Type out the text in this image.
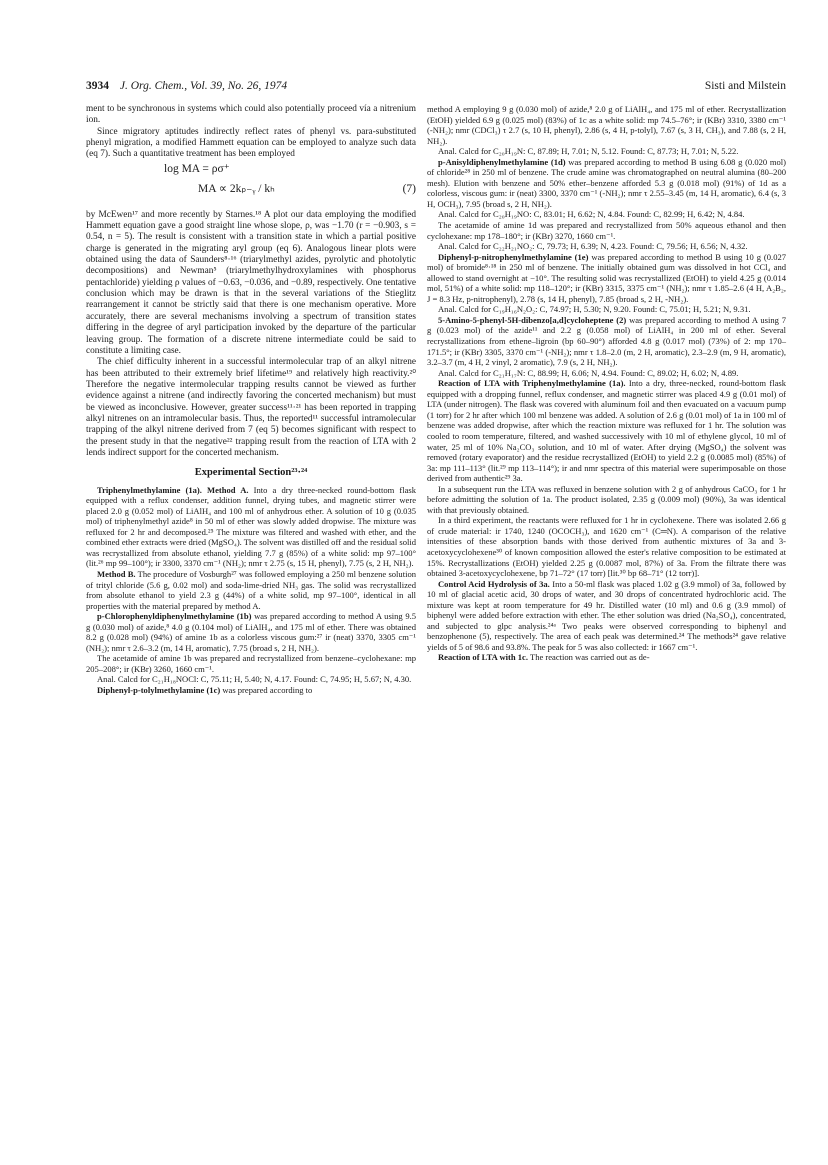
3934 J. Org. Chem., Vol. 39, No. 26, 1974	Sisti and Milstein

ment to be synchronous in systems which could also potentially proceed vía a nitrenium ion.

Since migratory aptitudes indirectly reflect rates of phenyl vs. para-substituted phenyl migration, a modified Hammett equation can be employed to analyze such data (eq 7). Such a quantitative treatment has been employed

log MA = ρσ⁺
MA ∝ 2kₚ₋ᵧ / kₕ	(7)

by McEwen¹⁷ and more recently by Starnes.¹⁸ A plot our data employing the modified Hammett equation gave a good straight line whose slope, ρ, was −1.70 (r = −0.903, s = 0.54, n = 5). The result is consistent with a transition state in which a partial positive charge is generated in the migrating aryl group (eq 6). Analogous linear plots were obtained using the data of Saunders⁸·¹⁶ (triarylmethyl azides, pyrolytic and photolytic decompositions) and Newman⁵ (triarylmethylhydroxylamines with phosphorus pentachloride) yielding ρ values of −0.63, −0.036, and −0.89, respectively. One tentative conclusion which may be drawn is that in the several variations of the Stieglitz rearrangement it cannot be strictly said that there is one mechanism operative. More accurately, there are several mechanisms involving a spectrum of transition states differing in the degree of aryl participation invoked by the departure of the particular leaving group. The formation of a discrete nitrene intermediate could be said to constitute a limiting case.

The chief difficulty inherent in a successful intermolecular trap of an alkyl nitrene has been attributed to their extremely brief lifetime¹⁹ and relatively high reactivity.²⁰ Therefore the negative intermolecular trapping results cannot be viewed as further evidence against a nitrene (and indirectly favoring the concerted mechanism) but must be viewed as inconclusive. However, greater success¹¹·²¹ has been reported in trapping alkyl nitrenes on an intramolecular basis. Thus, the reported¹¹ successful intramolecular trapping of the alkyl nitrene derived from 7 (eq 5) becomes significant with respect to the present study in that the negative²² trapping result from the reaction of LTA with 2 lends indirect support for the concerted mechanism.

Experimental Section²³·²⁴

Triphenylmethylamine (1a). Method A. Into a dry three-necked round-bottom flask equipped with a reflux condenser, addition funnel, drying tubes, and magnetic stirrer were placed 2.0 g (0.052 mol) of LiAlH₄ and 100 ml of anhydrous ether. A solution of 10 g (0.035 mol) of triphenylmethyl azide⁸ in 50 ml of ether was slowly added dropwise. The mixture was refluxed for 2 hr and decomposed.²⁵ The mixture was filtered and washed with ether, and the combined ether extracts were dried (MgSO₄). The solvent was distilled off and the residual solid was recrystallized from absolute ethanol, yielding 7.7 g (85%) of a white solid: mp 97–100° (lit.²⁶ mp 99–100°); ir 3300, 3370 cm⁻¹ (NH₂); nmr τ 2.75 (s, 15 H, phenyl), 7.75 (s, 2 H, NH₂).

Method B. The procedure of Vosburgh²⁷ was followed employing a 250 ml benzene solution of trityl chloride (5.6 g, 0.02 mol) and soda-lime-dried NH₃ gas. The solid was recrystallized from absolute ethanol to yield 2.3 g (44%) of a white solid, mp 97–100°, identical in all properties with the material prepared by method A.

p-Chlorophenyldiphenylmethylamine (1b) was prepared according to method A using 9.5 g (0.030 mol) of azide,⁸ 4.0 g (0.104 mol) of LiAlH₄, and 175 ml of ether. There was obtained 8.2 g (0.028 mol) (94%) of amine 1b as a colorless viscous gum:²⁷ ir (neat) 3370, 3305 cm⁻¹ (NH₂); nmr τ 2.6–3.2 (m, 14 H, aromatic), 7.75 (broad s, 2 H, NH₂).

The acetamide of amine 1b was prepared and recrystallized from benzene–cyclohexane: mp 205–208°; ir (KBr) 3260, 1660 cm⁻¹.

Anal. Calcd for C₂₁H₁₈NOCl: C, 75.11; H, 5.40; N, 4.17. Found: C, 74.95; H, 5.67; N, 4.30.

Diphenyl-p-tolylmethylamine (1c) was prepared according to

method A employing 9 g (0.030 mol) of azide,⁸ 2.0 g of LiAlH₄, and 175 ml of ether. Recrystallization (EtOH) yielded 6.9 g (0.025 mol) (83%) of 1c as a white solid: mp 74.5–76°; ir (KBr) 3310, 3380 cm⁻¹ (-NH₂); nmr (CDCl₃) τ 2.7 (s, 10 H, phenyl), 2.86 (s, 4 H, p-tolyl), 7.67 (s, 3 H, CH₃), and 7.88 (s, 2 H, NH₂).

Anal. Calcd for C₂₀H₁₉N: C, 87.89; H, 7.01; N, 5.12. Found: C, 87.73; H, 7.01; N, 5.22.

p-Anisyldiphenylmethylamine (1d) was prepared according to method B using 6.08 g (0.020 mol) of chloride²⁸ in 250 ml of benzene. The crude amine was chromatographed on neutral alumina (80–200 mesh). Elution with benzene and 50% ether–benzene afforded 5.3 g (0.018 mol) (91%) of 1d as a colorless, viscous gum: ir (neat) 3300, 3370 cm⁻¹ (-NH₂); nmr τ 2.55–3.45 (m, 14 H, aromatic), 6.4 (s, 3 H, OCH₃), 7.95 (broad s, 2 H, NH₂).

Anal. Calcd for C₂₀H₁₉NO: C, 83.01; H, 6.62; N, 4.84. Found: C, 82.99; H, 6.42; N, 4.84.

The acetamide of amine 1d was prepared and recrystallized from 50% aqueous ethanol and then cyclohexane: mp 178–180°; ir (KBr) 3270, 1660 cm⁻¹.

Anal. Calcd for C₂₂H₂₁NO₂: C, 79.73; H, 6.39; N, 4.23. Found: C, 79.56; H, 6.56; N, 4.32.

Diphenyl-p-nitrophenylmethylamine (1e) was prepared according to method B using 10 g (0.027 mol) of bromide⁸·¹⁸ in 250 ml of benzene. The initially obtained gum was dissolved in hot CCl₄ and allowed to stand overnight at −10°. The resulting solid was recrystallized (EtOH) to yield 4.25 g (0.014 mol, 51%) of a white solid: mp 118–120°; ir (KBr) 3315, 3375 cm⁻¹ (NH₂); nmr τ 1.85–2.6 (4 H, A₂B₂, J = 8.3 Hz, p-nitrophenyl), 2.78 (s, 14 H, phenyl), 7.85 (broad s, 2 H, -NH₂).

Anal. Calcd for C₁₉H₁₆N₂O₂: C, 74.97; H, 5.30; N, 9.20. Found: C, 75.01; H, 5.21; N, 9.31.

5-Amino-5-phenyl-5H-dibenzo[a,d]cycloheptene (2) was prepared according to method A using 7 g (0.023 mol) of the azide¹¹ and 2.2 g (0.058 mol) of LiAlH₄ in 200 ml of ether. Several recrystallizations from ethene–ligroin (bp 60–90°) afforded 4.8 g (0.017 mol) (73%) of 2: mp 170–171.5°; ir (KBr) 3305, 3370 cm⁻¹ (-NH₂); nmr τ 1.8–2.0 (m, 2 H, aromatic), 2.3–2.9 (m, 9 H, aromatic), 3.2–3.7 (m, 4 H, 2 vinyl, 2 aromatic), 7.9 (s, 2 H, NH₂).

Anal. Calcd for C₂₁H₁₇N: C, 88.99; H, 6.06; N, 4.94. Found: C, 89.02; H, 6.02; N, 4.89.

Reaction of LTA with Triphenylmethylamine (1a). Into a dry, three-necked, round-bottom flask equipped with a dropping funnel, reflux condenser, and magnetic stirrer was placed 4.9 g (0.01 mol) of LTA (under nitrogen). The flask was covered with aluminum foil and then evacuated on a vacuum pump (1 torr) for 2 hr after which 100 ml benzene was added. A solution of 2.6 g (0.01 mol) of 1a in 100 ml of benzene was added dropwise, after which the reaction mixture was refluxed for 1 hr. The solution was cooled to room temperature, filtered, and washed successively with 10 ml of ethylene glycol, 10 ml of water, 25 ml of 10% Na₂CO₃ solution, and 10 ml of water. After drying (MgSO₄) the solvent was removed (rotary evaporator) and the residue recrystallized (EtOH) to yield 2.2 g (0.0085 mol) (85%) of 3a: mp 111–113° (lit.²⁹ mp 113–114°); ir and nmr spectra of this material were superimposable on those derived from authentic²⁹ 3a.

In a subsequent run the LTA was refluxed in benzene solution with 2 g of anhydrous CaCO₃ for 1 hr before admitting the solution of 1a. The product isolated, 2.35 g (0.009 mol) (90%), 3a was identical with that previously obtained.

In a third experiment, the reactants were refluxed for 1 hr in cyclohexene. There was isolated 2.66 g of crude material: ir 1740, 1240 (OCOCH₃), and 1620 cm⁻¹ (C═N). A comparison of the relative intensities of these absorption bands with those derived from authentic mixtures of 3a and 3-acetoxycyclohexene³⁰ of known composition allowed the ester's relative composition to be estimated at 15%. Recrystallizations (EtOH) yielded 2.25 g (0.0087 mol, 87%) of 3a. From the filtrate there was obtained 3-acetoxycyclohexene, bp 71–72° (17 torr) [lit.³⁰ bp 68–71° (12 torr)].

Control Acid Hydrolysis of 3a. Into a 50-ml flask was placed 1.02 g (3.9 mmol) of 3a, followed by 10 ml of glacial acetic acid, 30 drops of water, and 30 drops of concentrated hydrochloric acid. The mixture was kept at room temperature for 49 hr. Distilled water (10 ml) and 0.6 g (3.9 mmol) of biphenyl were added before extraction with ether. The ether solution was dried (Na₂SO₄), concentrated, and subjected to glpc analysis.²⁴ᵃ Two peaks were observed corresponding to biphenyl and benzophenone (5), respectively. The area of each peak was determined.²⁴ The methods²⁴ gave relative yields of 5 of 98.6 and 93.8%. The peak for 5 was also collected: ir 1667 cm⁻¹.

Reaction of LTA with 1c. The reaction was carried out as de-
